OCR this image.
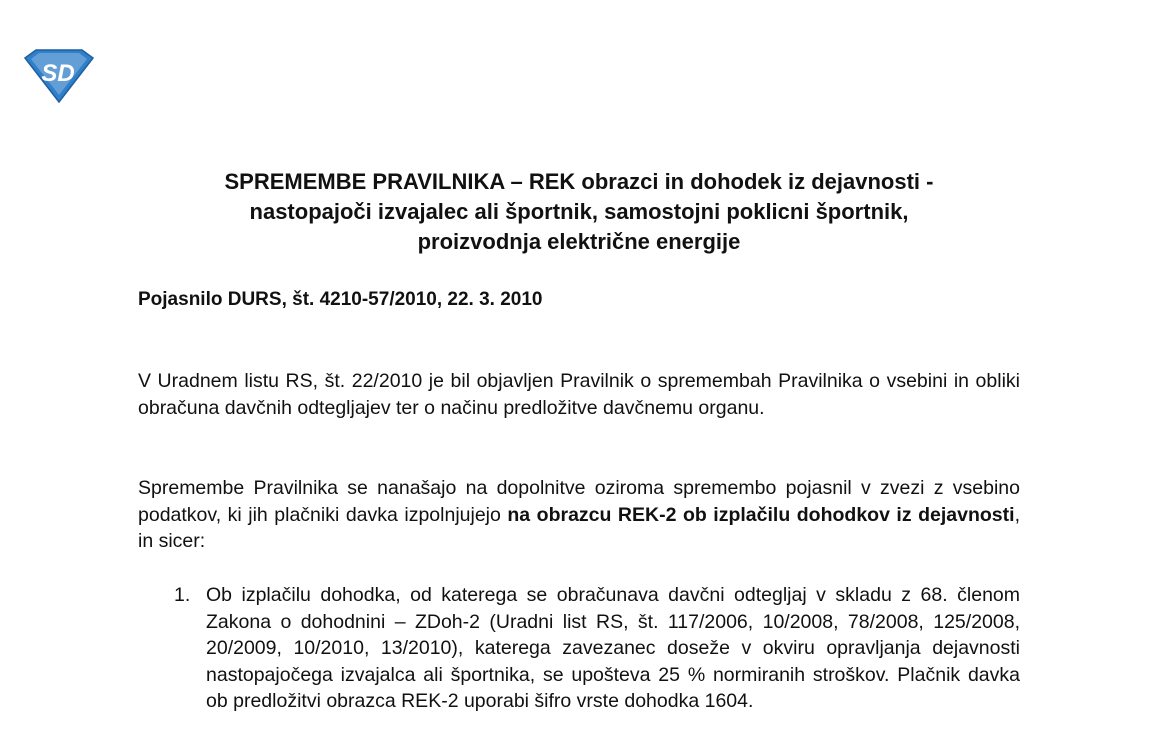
SD
SPREMEMBE PRAVILNIKA – REK obrazci in dohodek iz dejavnosti -
nastopajoči izvajalec ali športnik, samostojni poklicni športnik,
proizvodnja električne energije
Pojasnilo DURS, št. 4210-57/2010, 22. 3. 2010
V Uradnem listu RS, št. 22/2010 je bil objavljen Pravilnik o spremembah Pravilnika o vsebini in obliki obračuna davčnih odtegljajev ter o načinu predložitve davčnemu organu.
Spremembe Pravilnika se nanašajo na dopolnitve oziroma spremembo pojasnil v zvezi z vsebino podatkov, ki jih plačniki davka izpolnjujejo na obrazcu REK-2 ob izplačilu dohodkov iz dejavnosti, in sicer:
1. Ob izplačilu dohodka, od katerega se obračunava davčni odtegljaj v skladu z 68. členom Zakona o dohodnini – ZDoh-2 (Uradni list RS, št. 117/2006, 10/2008, 78/2008, 125/2008, 20/2009, 10/2010, 13/2010), katerega zavezanec doseže v okviru opravljanja dejavnosti nastopajočega izvajalca ali športnika, se upošteva 25 % normiranih stroškov. Plačnik davka ob predložitvi obrazca REK-2 uporabi šifro vrste dohodka 1604.
